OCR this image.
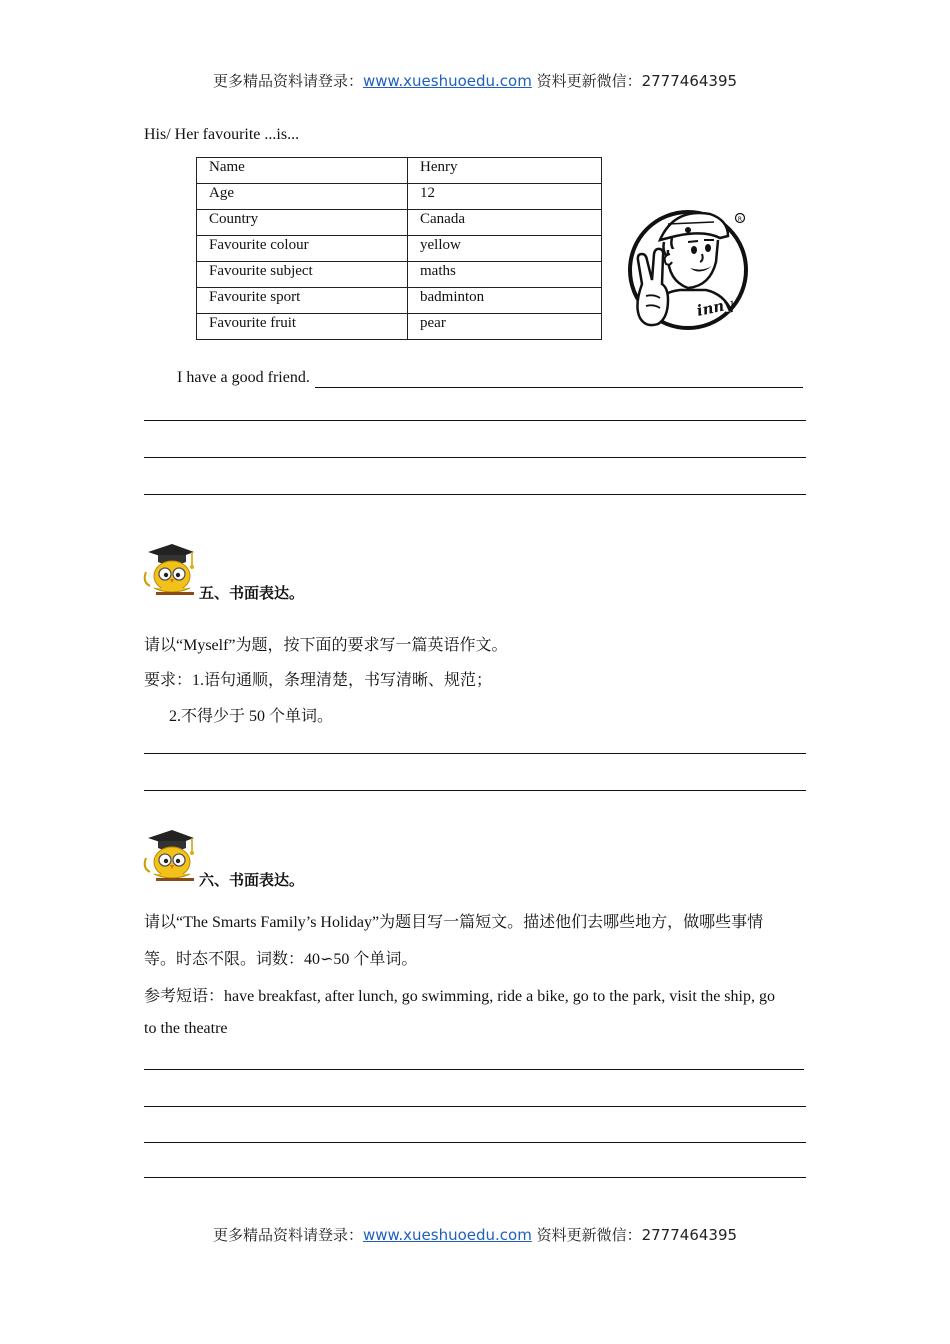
更多精品资料请登录：www.xueshuoedu.com 资料更新微信：2777464395
His/ Her favourite ...is...
Name	Henry
Age	12
Country	Canada
Favourite colour	yellow
Favourite subject	maths
Favourite sport	badminton
Favourite fruit	pear
R
inny
I have a good friend.
五、书面表达。
请以“Myself”为题，按下面的要求写一篇英语作文。
要求：1.语句通顺，条理清楚，书写清晰、规范；
2.不得少于 50 个单词。
六、书面表达。
请以“The Smarts Family’s Holiday”为题目写一篇短文。描述他们去哪些地方，做哪些事情
等。时态不限。词数：40∽50 个单词。
参考短语：have breakfast, after lunch, go swimming, ride a bike, go to the park, visit the ship, go
to the theatre
更多精品资料请登录：www.xueshuoedu.com 资料更新微信：2777464395
